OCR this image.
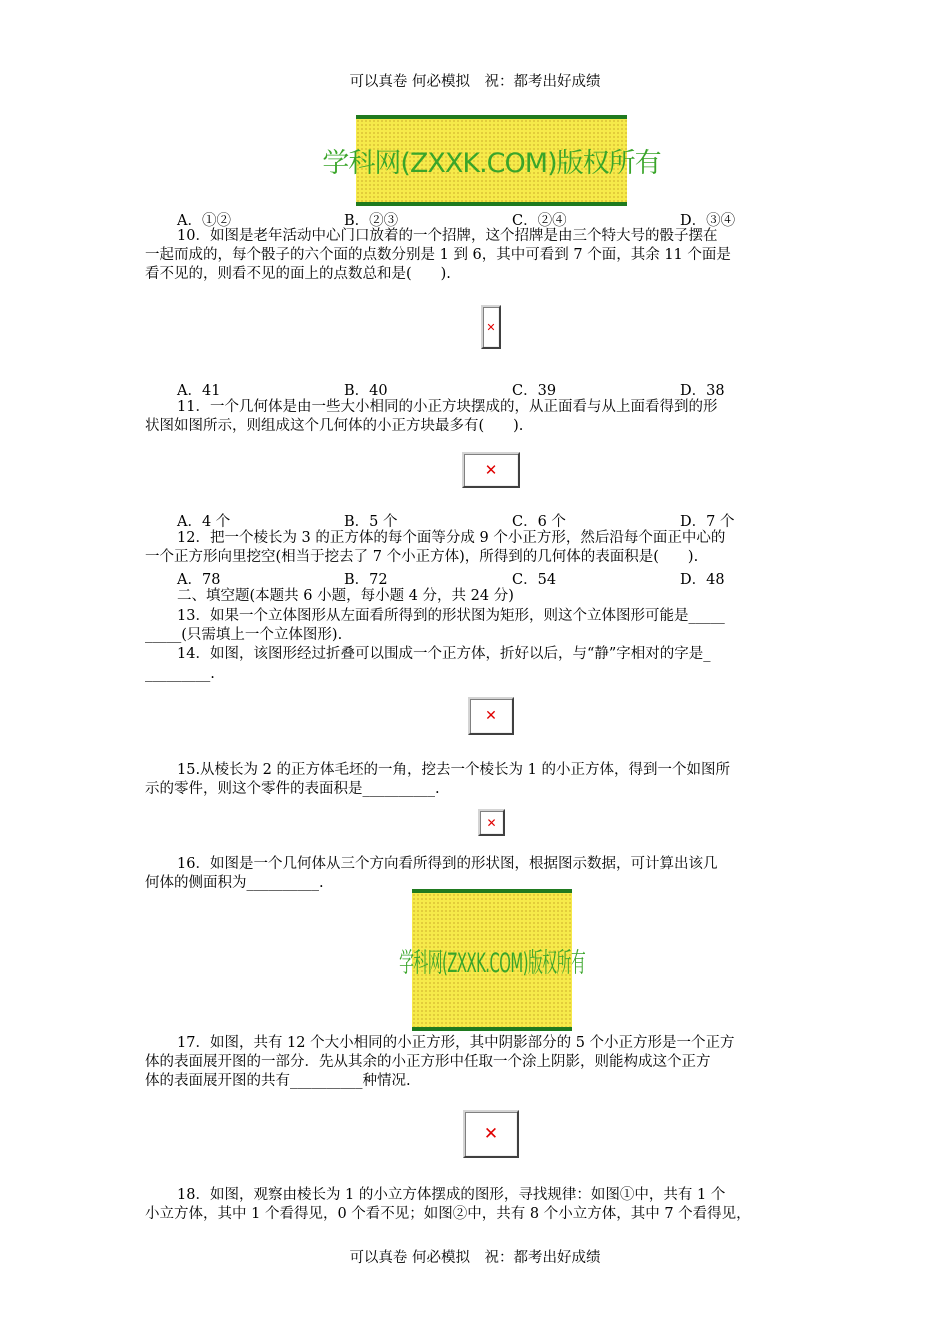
可以真卷 何必模拟　祝：都考出好成绩
学科网(ZXXK.COM)版权所有
A．①②	B．②③	C．②④	D．③④
10．如图是老年活动中心门口放着的一个招牌，这个招牌是由三个特大号的骰子摆在
一起而成的，每个骰子的六个面的点数分别是 1 到 6，其中可看到 7 个面，其余 11 个面是
看不见的，则看不见的面上的点数总和是(　　).
✕
A．41	B．40	C．39	D．38
11．一个几何体是由一些大小相同的小正方块摆成的，从正面看与从上面看得到的形
状图如图所示，则组成这个几何体的小正方块最多有(　　).
✕
A．4 个	B．5 个	C．6 个	D．7 个
12．把一个棱长为 3 的正方体的每个面等分成 9 个小正方形，然后沿每个面正中心的
一个正方形向里挖空(相当于挖去了 7 个小正方体)，所得到的几何体的表面积是(　　).
A．78	B．72	C．54	D．48
二、填空题(本题共 6 小题，每小题 4 分，共 24 分)
13．如果一个立体图形从左面看所得到的形状图为矩形，则这个立体图形可能是_____
_____(只需填上一个立体图形).
14．如图，该图形经过折叠可以围成一个正方体，折好以后，与“静”字相对的字是_
_________.
✕
15.从棱长为 2 的正方体毛坯的一角，挖去一个棱长为 1 的小正方体，得到一个如图所
示的零件，则这个零件的表面积是__________.
✕
16．如图是一个几何体从三个方向看所得到的形状图，根据图示数据，可计算出该几
何体的侧面积为__________.
学科网(ZXXK.COM)版权所有
17．如图，共有 12 个大小相同的小正方形，其中阴影部分的 5 个小正方形是一个正方
体的表面展开图的一部分．先从其余的小正方形中任取一个涂上阴影，则能构成这个正方
体的表面展开图的共有__________种情况.
✕
18．如图，观察由棱长为 1 的小立方体摆成的图形，寻找规律：如图①中，共有 1 个
小立方体，其中 1 个看得见，0 个看不见；如图②中，共有 8 个小立方体，其中 7 个看得见，
可以真卷 何必模拟　祝：都考出好成绩
